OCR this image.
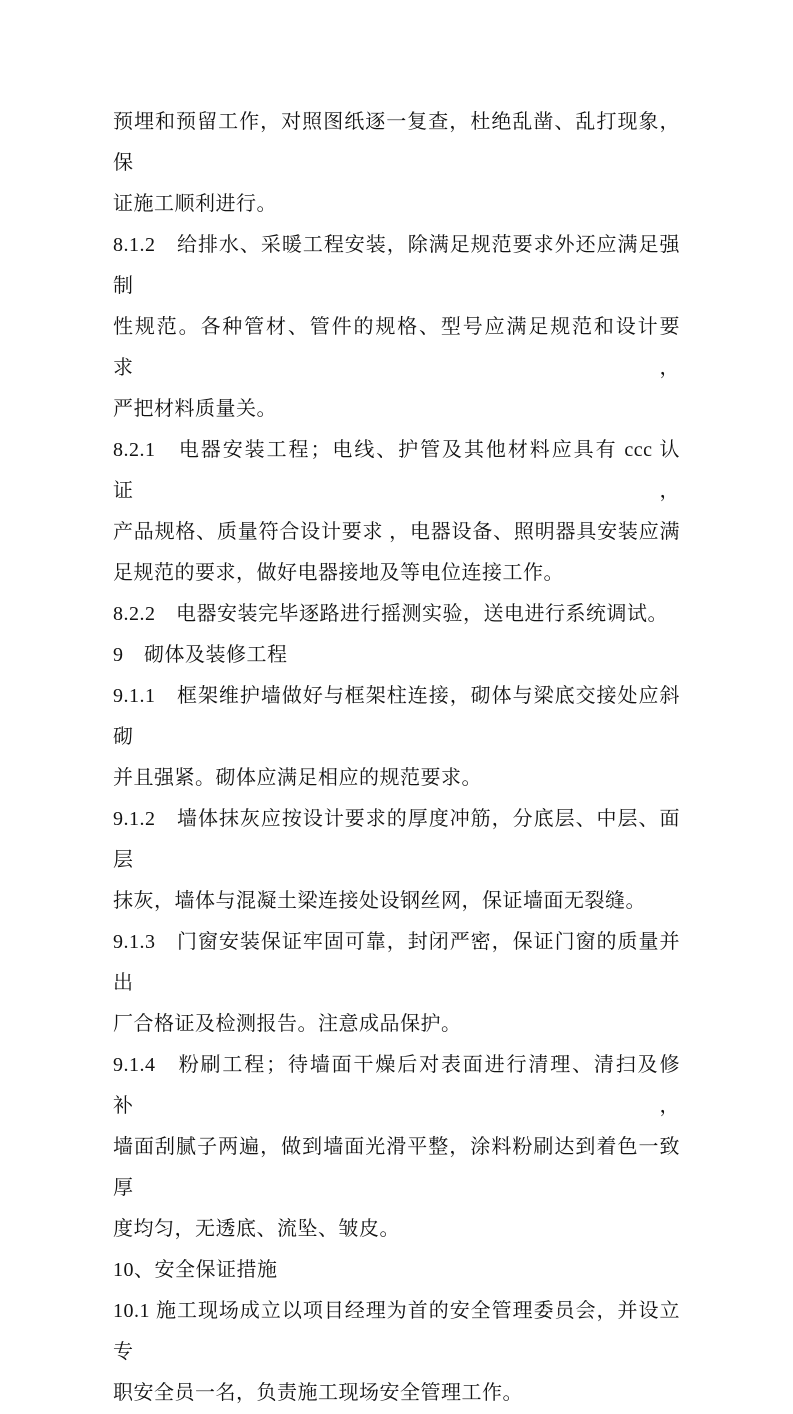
预埋和预留工作，对照图纸逐一复查，杜绝乱凿、乱打现象，保
证施工顺利进行。
8.1.2　给排水、采暖工程安装，除满足规范要求外还应满足强制
性规范。各种管材、管件的规格、型号应满足规范和设计要求，
严把材料质量关。
8.2.1　电器安装工程；电线、护管及其他材料应具有 ccc 认证，
产品规格、质量符合设计要求 ，电器设备、照明器具安装应满
足规范的要求，做好电器接地及等电位连接工作。
8.2.2　电器安装完毕逐路进行摇测实验，送电进行系统调试。
9　砌体及装修工程
9.1.1　框架维护墙做好与框架柱连接，砌体与梁底交接处应斜砌
并且强紧。砌体应满足相应的规范要求。
9.1.2　墙体抹灰应按设计要求的厚度冲筋，分底层、中层、面层
抹灰，墙体与混凝土梁连接处设钢丝网，保证墙面无裂缝。
9.1.3　门窗安装保证牢固可靠，封闭严密，保证门窗的质量并出
厂合格证及检测报告。注意成品保护。
9.1.4　粉刷工程；待墙面干燥后对表面进行清理、清扫及修补，
墙面刮腻子两遍，做到墙面光滑平整，涂料粉刷达到着色一致厚
度均匀，无透底、流坠、皱皮。
10、安全保证措施
10.1 施工现场成立以项目经理为首的安全管理委员会，并设立专
职安全员一名，负责施工现场安全管理工作。
